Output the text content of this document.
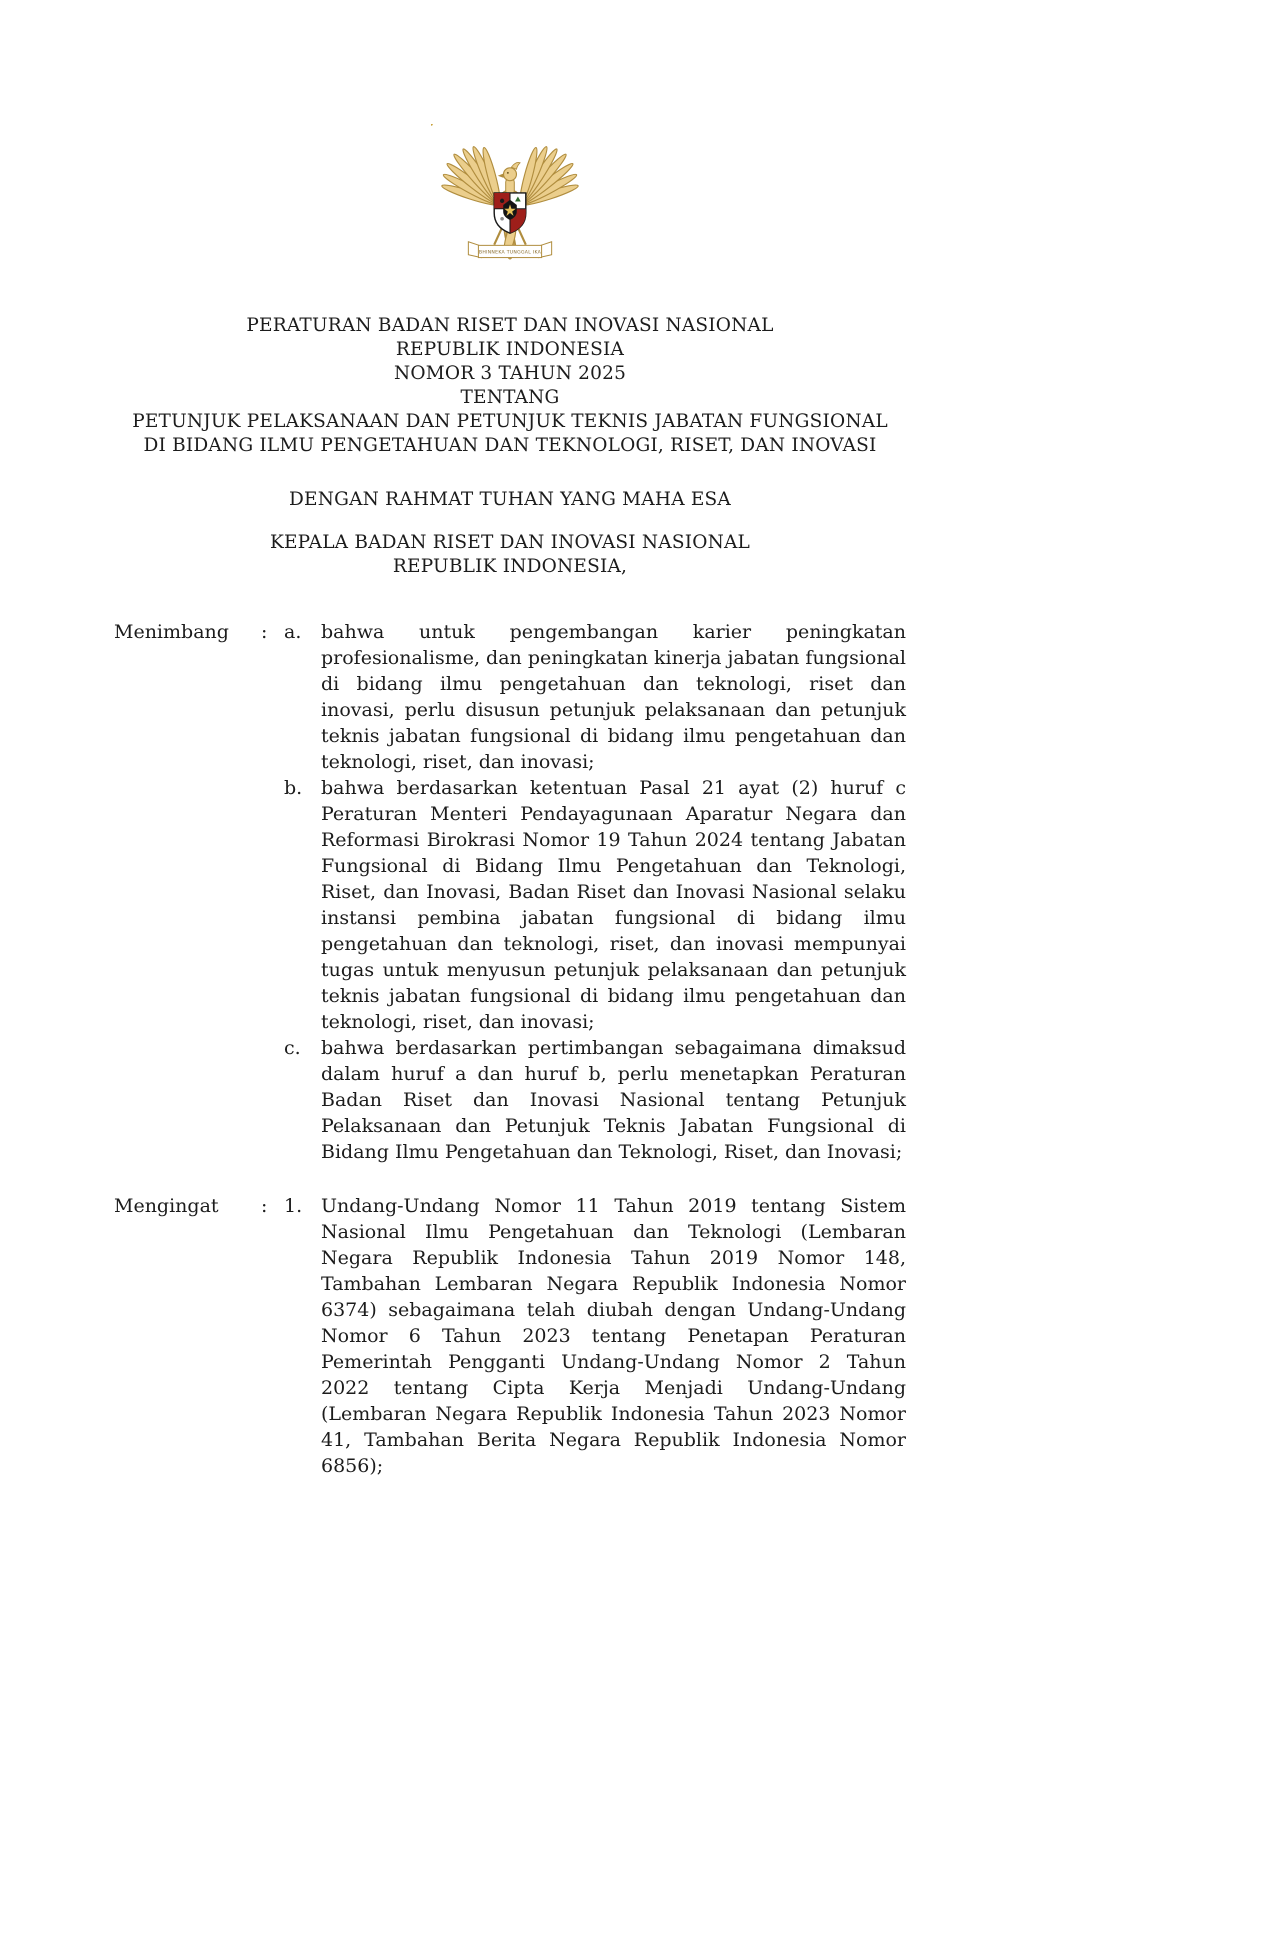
BHINNEKA TUNGGAL IKA
PERATURAN BADAN RISET DAN INOVASI NASIONAL
REPUBLIK INDONESIA
NOMOR 3 TAHUN 2025
TENTANG
PETUNJUK PELAKSANAAN DAN PETUNJUK TEKNIS JABATAN FUNGSIONAL
DI BIDANG ILMU PENGETAHUAN DAN TEKNOLOGI, RISET, DAN INOVASI
DENGAN RAHMAT TUHAN YANG MAHA ESA
KEPALA BADAN RISET DAN INOVASI NASIONAL
REPUBLIK INDONESIA,
Menimbang	: a.	bahwa untuk pengembangan karier peningkatan profesionalisme, dan peningkatan kinerja jabatan fungsional di bidang ilmu pengetahuan dan teknologi, riset dan inovasi, perlu disusun petunjuk pelaksanaan dan petunjuk teknis jabatan fungsional di bidang ilmu pengetahuan dan teknologi, riset, dan inovasi;
b. bahwa berdasarkan ketentuan Pasal 21 ayat (2) huruf c Peraturan Menteri Pendayagunaan Aparatur Negara dan Reformasi Birokrasi Nomor 19 Tahun 2024 tentang Jabatan Fungsional di Bidang Ilmu Pengetahuan dan Teknologi, Riset, dan Inovasi, Badan Riset dan Inovasi Nasional selaku instansi pembina jabatan fungsional di bidang ilmu pengetahuan dan teknologi, riset, dan inovasi mempunyai tugas untuk menyusun petunjuk pelaksanaan dan petunjuk teknis jabatan fungsional di bidang ilmu pengetahuan dan teknologi, riset, dan inovasi;
c.	bahwa berdasarkan pertimbangan sebagaimana dimaksud dalam huruf a dan huruf b, perlu menetapkan Peraturan Badan Riset dan Inovasi Nasional tentang Petunjuk Pelaksanaan dan Petunjuk Teknis Jabatan Fungsional di Bidang Ilmu Pengetahuan dan Teknologi, Riset, dan Inovasi;
Mengingat	: 1. Undang-Undang Nomor 11 Tahun 2019 tentang Sistem Nasional Ilmu Pengetahuan dan Teknologi (Lembaran Negara Republik Indonesia Tahun 2019 Nomor 148, Tambahan Lembaran Negara Republik Indonesia Nomor 6374) sebagaimana telah diubah dengan Undang-Undang Nomor 6 Tahun 2023 tentang Penetapan Peraturan Pemerintah Pengganti Undang-Undang Nomor 2 Tahun 2022 tentang Cipta Kerja Menjadi Undang-Undang (Lembaran Negara Republik Indonesia Tahun 2023 Nomor 41, Tambahan Berita Negara Republik Indonesia Nomor 6856);
